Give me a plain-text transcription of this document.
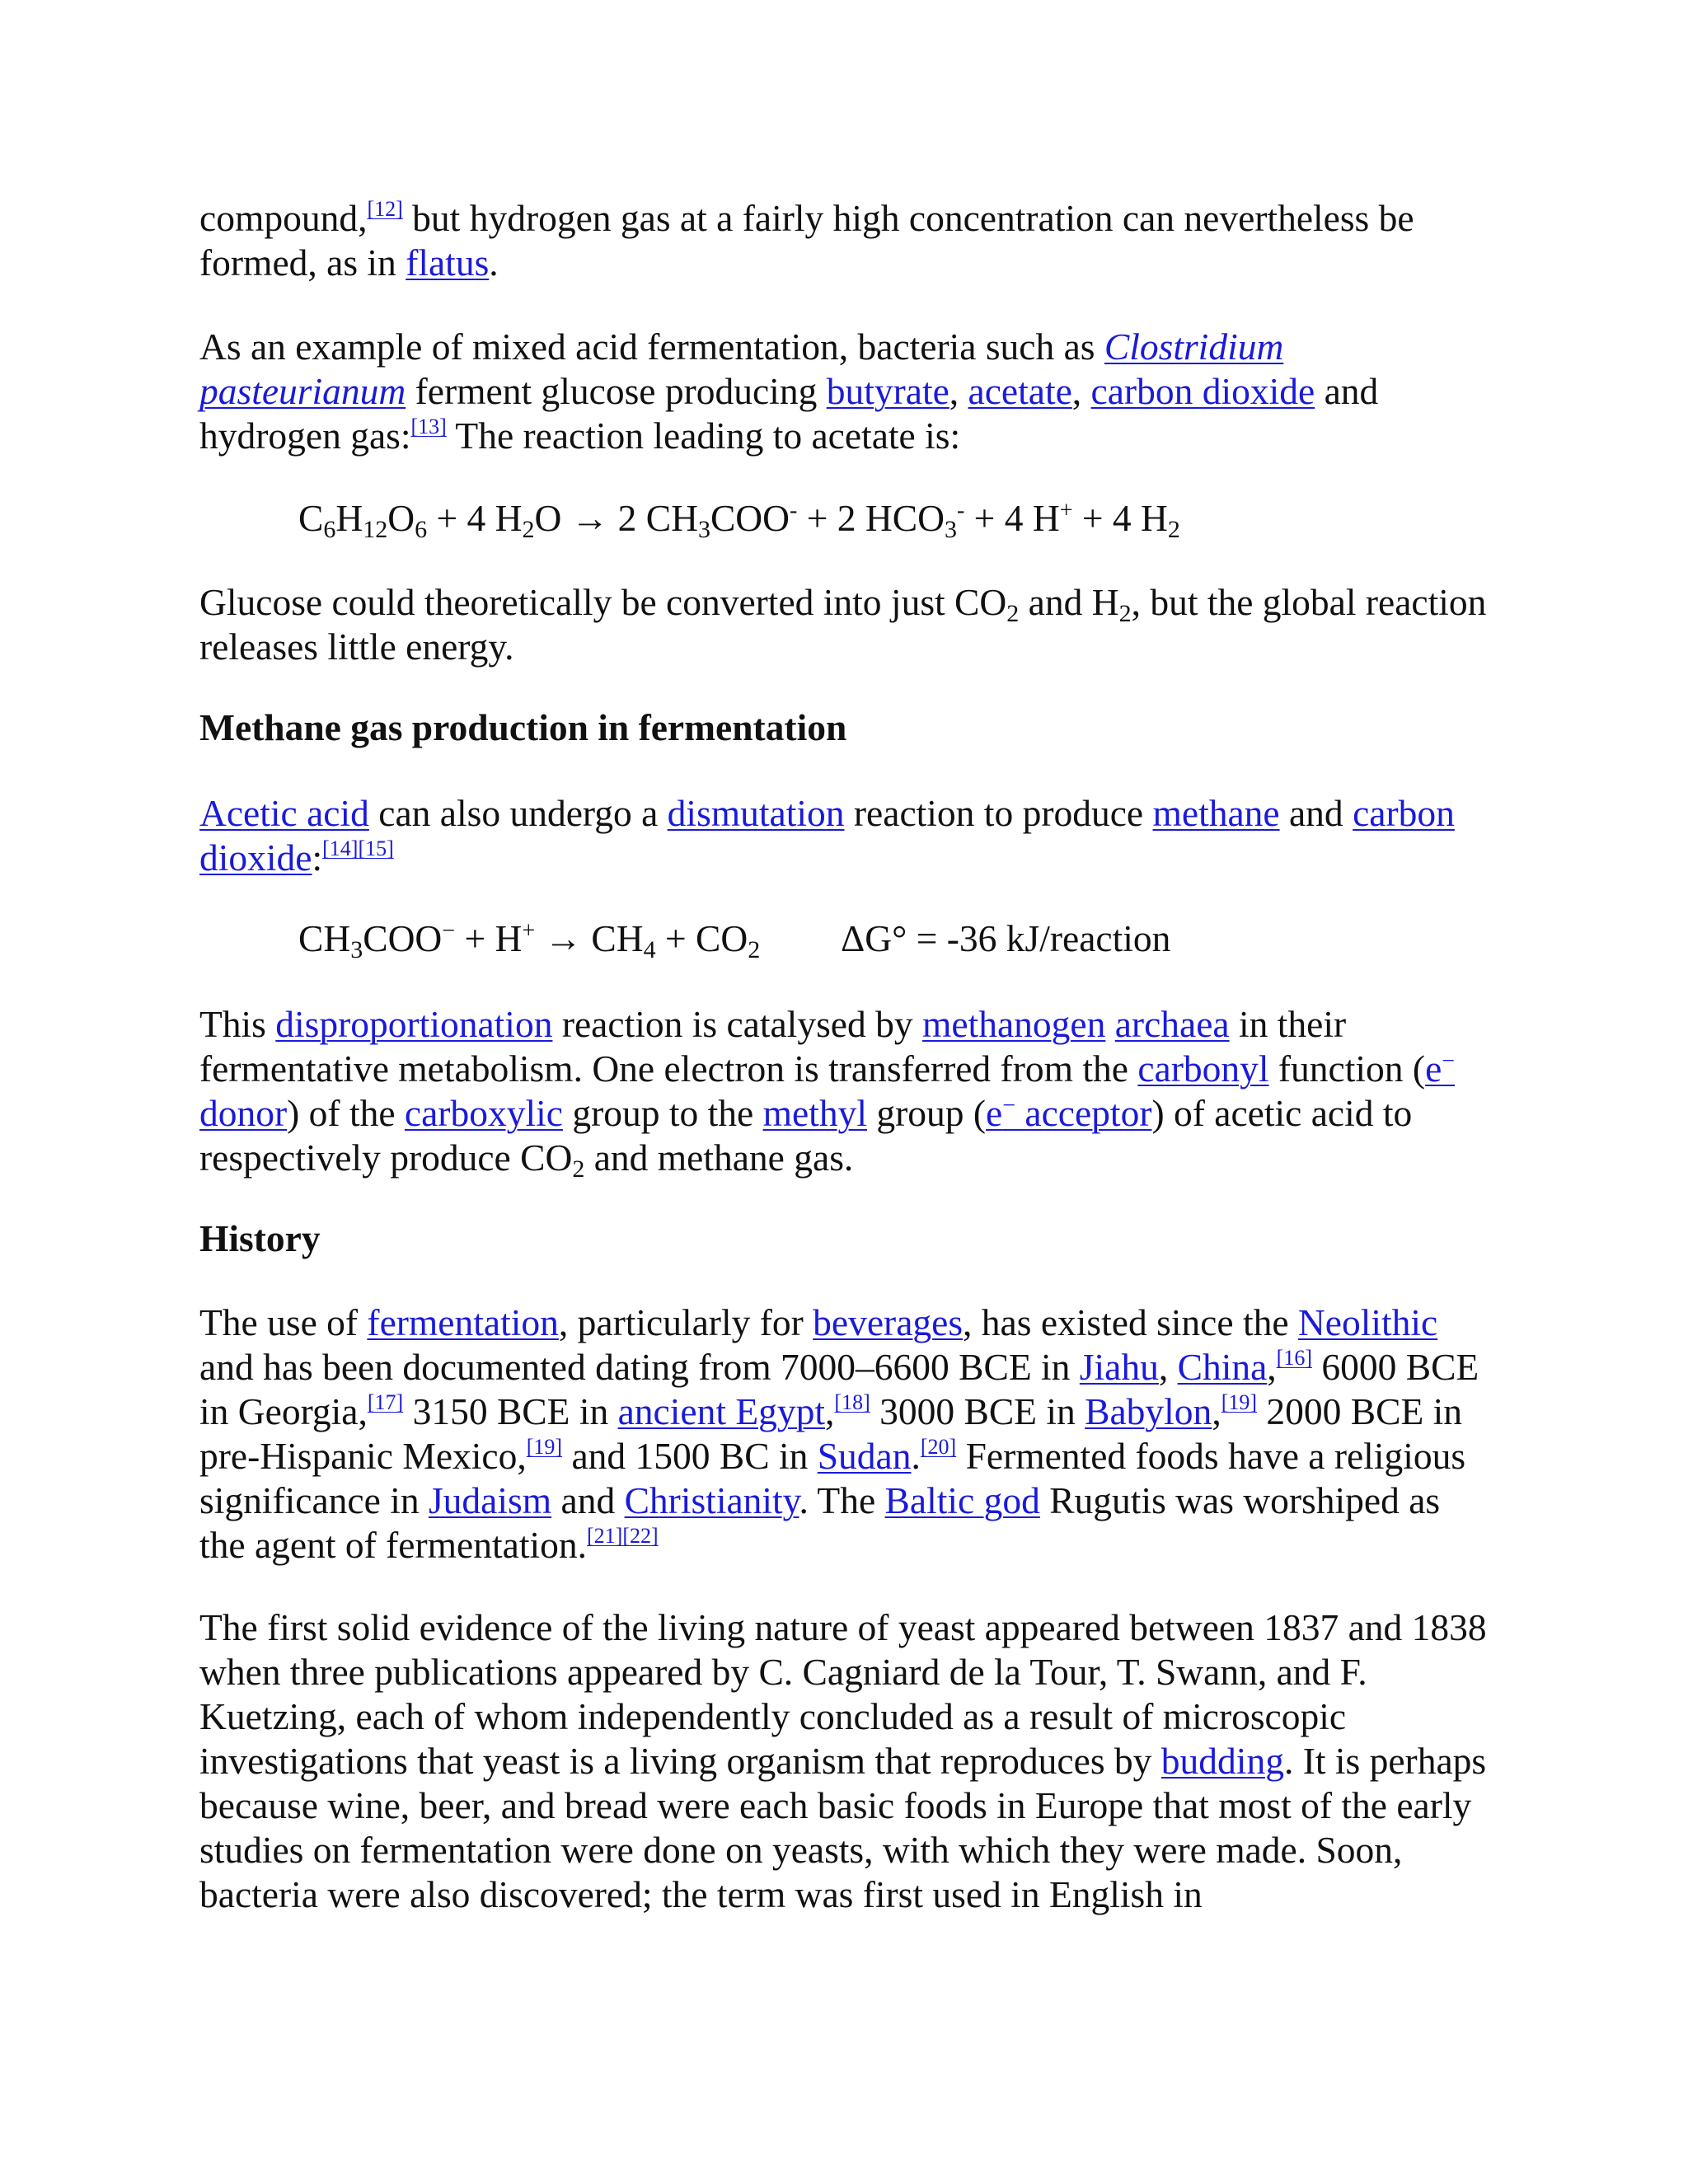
compound,[12] but hydrogen gas at a fairly high concentration can nevertheless be formed, as in flatus.

As an example of mixed acid fermentation, bacteria such as Clostridium pasteurianum ferment glucose producing butyrate, acetate, carbon dioxide and hydrogen gas:[13] The reaction leading to acetate is:

$C_6H_{12}O_6 + 4$ $H_2O \to 2$ $CH_3COO^- + 2$ $HCO_3^- + 4$ H+ + 4 $H_2$

Glucose could theoretically be converted into just $CO_2$ and $H_2$, but the global reaction releases little energy.

Methane gas production in fermentation

Acetic acid can also undergo a dismutation reaction to produce methane and carbon dioxide:[14][15]

$CH_3COO^- + H^+ \to CH_4 + CO_2$ ΔG° = -36 kJ/reaction

This disproportionation reaction is catalysed by methanogen archaea in their fermentative metabolism. One electron is transferred from the carbonyl function (e− donor) of the carboxylic group to the methyl group (e− acceptor) of acetic acid to respectively produce $CO_2$ and methane gas.

History

The use of fermentation, particularly for beverages, has existed since the Neolithic and has been documented dating from 7000–6600 BCE in Jiahu, China,[16] 6000 BCE in Georgia,[17] 3150 BCE in ancient Egypt,[18] 3000 BCE in Babylon,[19] 2000 BCE in pre-Hispanic Mexico,[19] and 1500 BC in Sudan.[20] Fermented foods have a religious significance in Judaism and Christianity. The Baltic god Rugutis was worshiped as the agent of fermentation.[21][22]

The first solid evidence of the living nature of yeast appeared between 1837 and 1838 when three publications appeared by C. Cagniard de la Tour, T. Swann, and F. Kuetzing, each of whom independently concluded as a result of microscopic investigations that yeast is a living organism that reproduces by budding. It is perhaps because wine, beer, and bread were each basic foods in Europe that most of the early studies on fermentation were done on yeasts, with which they were made. Soon, bacteria were also discovered; the term was first used in English in
